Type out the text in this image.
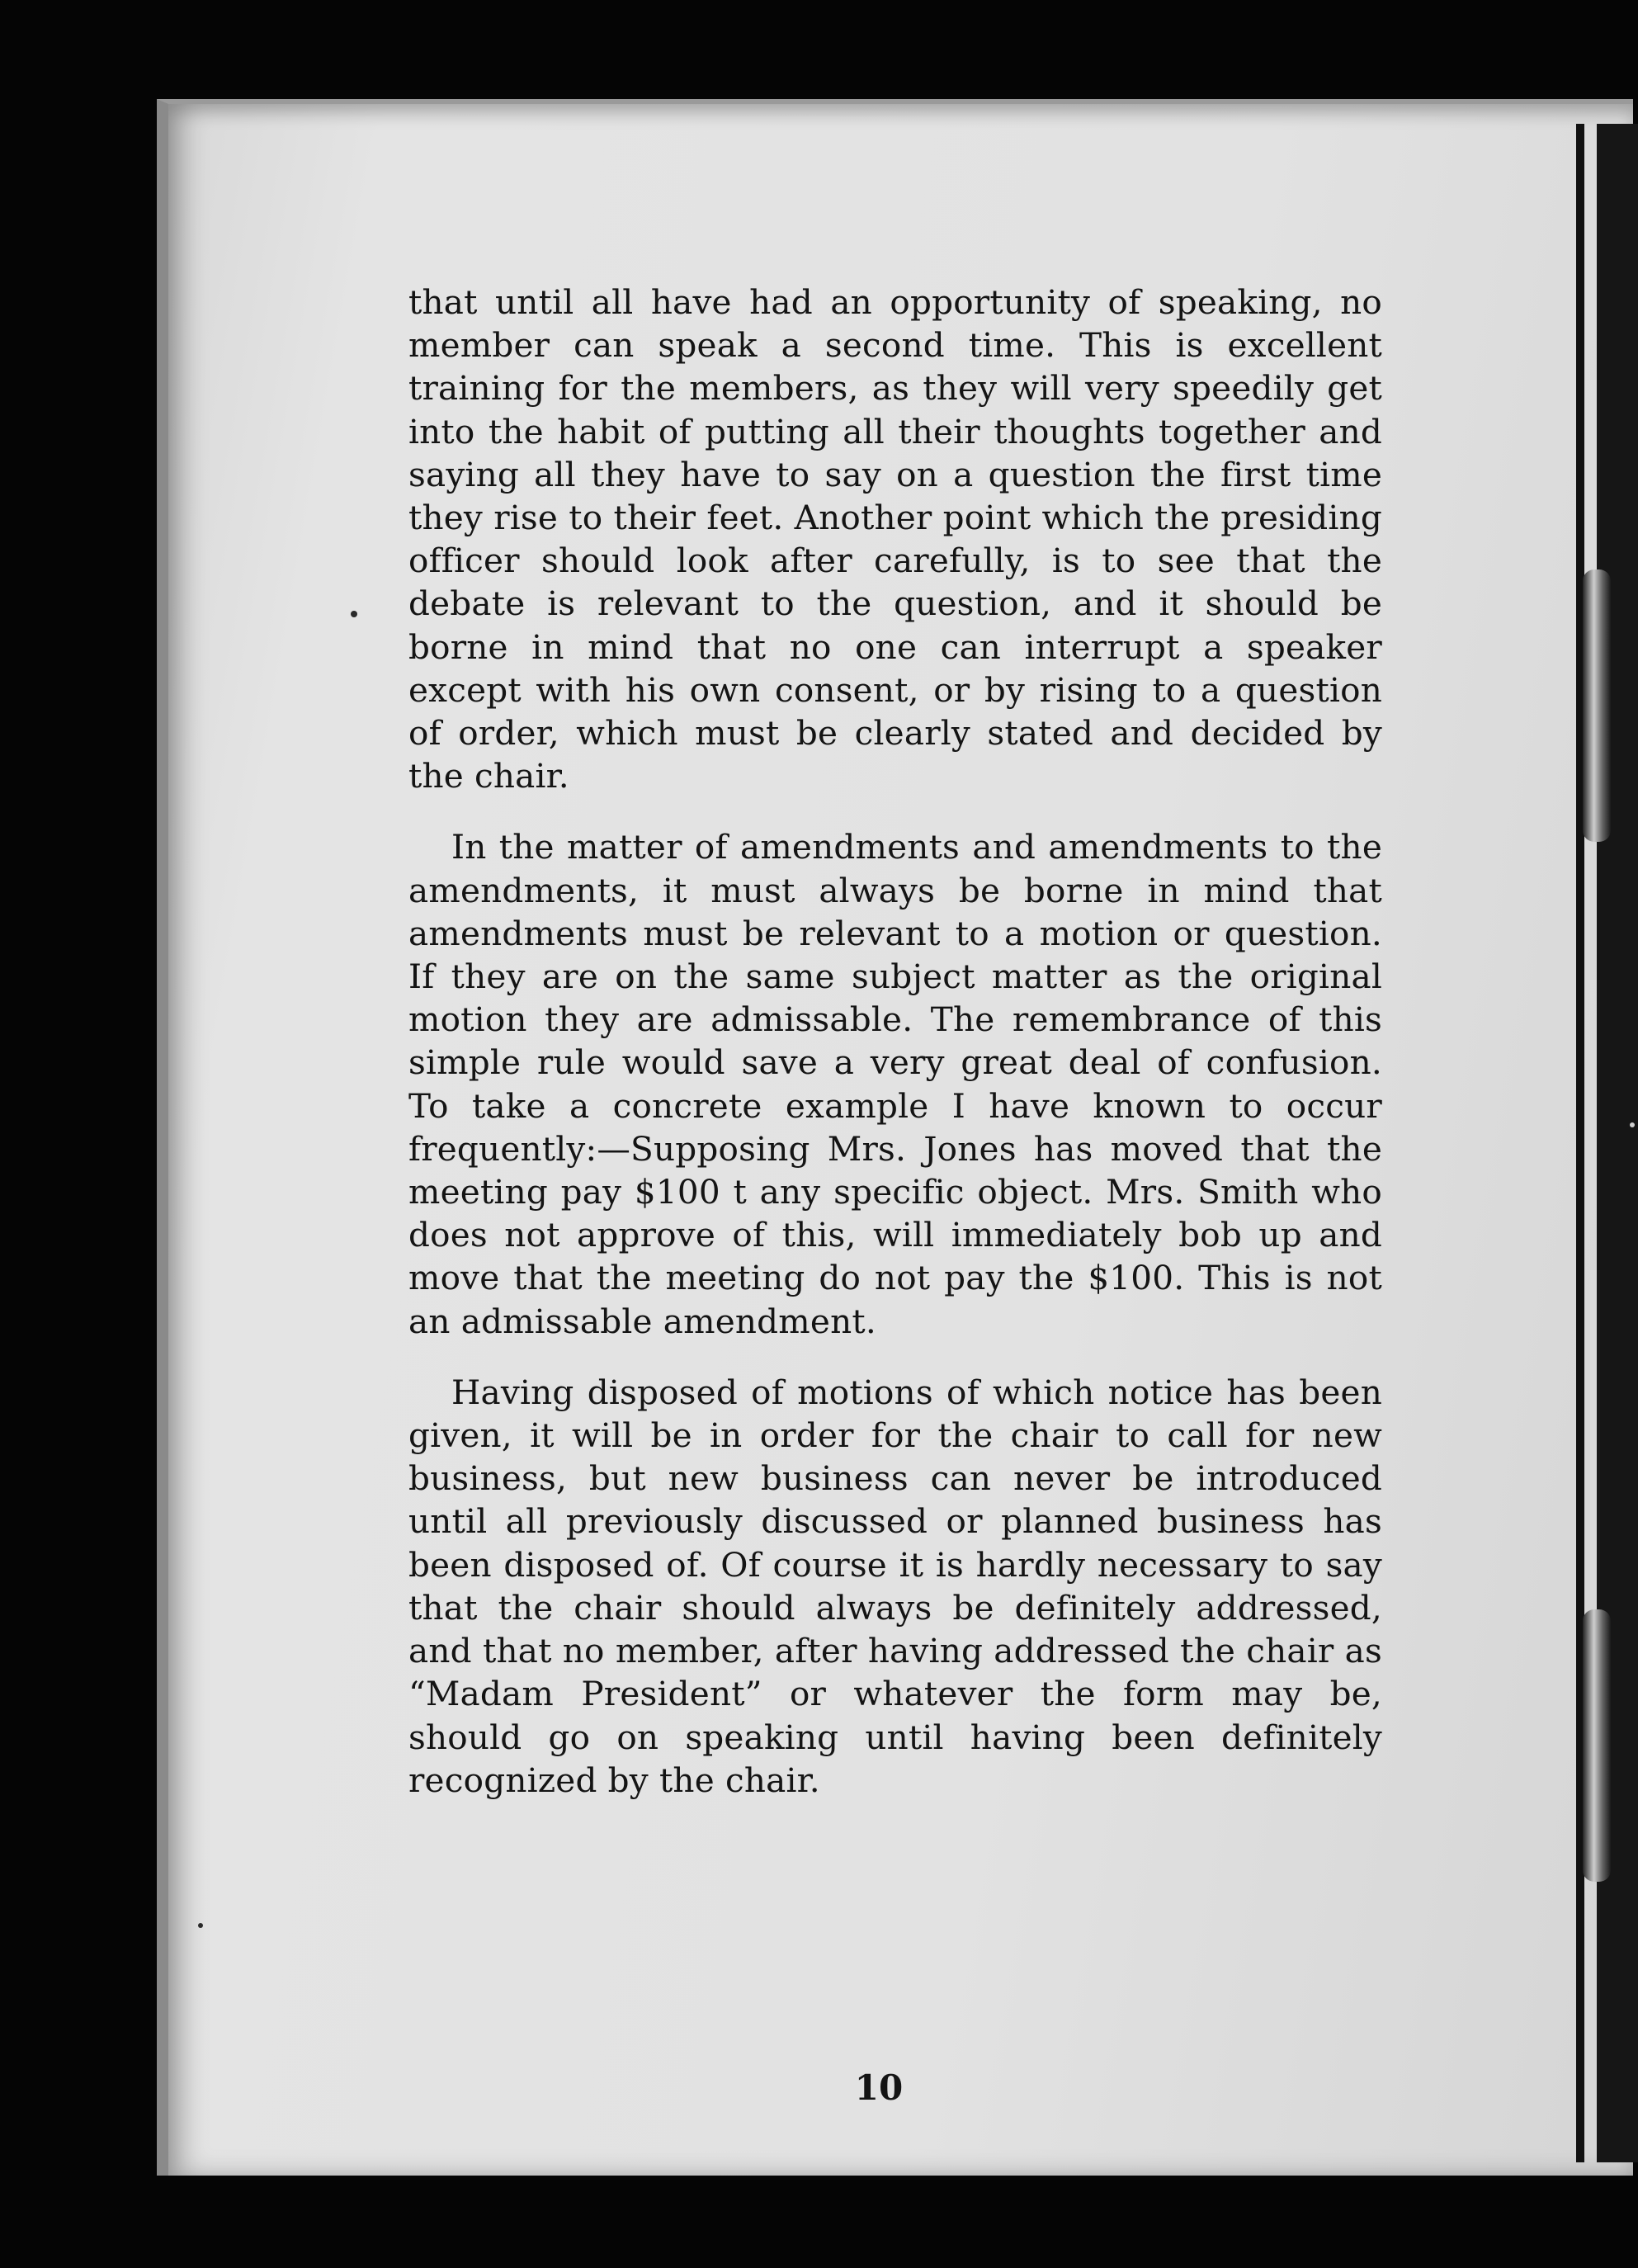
that until all have had an opportunity of speaking, no member can speak a second time. This is excellent training for the members, as they will very speedily get into the habit of putting all their thoughts together and saying all they have to say on a question the first time they rise to their feet. Another point which the presiding officer should look after carefully, is to see that the debate is relevant to the question, and it should be borne in mind that no one can interrupt a speaker except with his own consent, or by rising to a question of order, which must be clearly stated and decided by the chair.

In the matter of amendments and amendments to the amendments, it must always be borne in mind that amendments must be relevant to a motion or question. If they are on the same subject matter as the original motion they are admissable. The remembrance of this simple rule would save a very great deal of confusion. To take a concrete example I have known to occur frequently:—Supposing Mrs. Jones has moved that the meeting pay $100 t any specific object. Mrs. Smith who does not approve of this, will immediately bob up and move that the meeting do not pay the $100. This is not an admissable amendment.

Having disposed of motions of which notice has been given, it will be in order for the chair to call for new business, but new business can never be introduced until all previously discussed or planned business has been disposed of. Of course it is hardly necessary to say that the chair should always be definitely addressed, and that no member, after having addressed the chair as “Madam President” or whatever the form may be, should go on speaking until having been definitely recognized by the chair.

10
